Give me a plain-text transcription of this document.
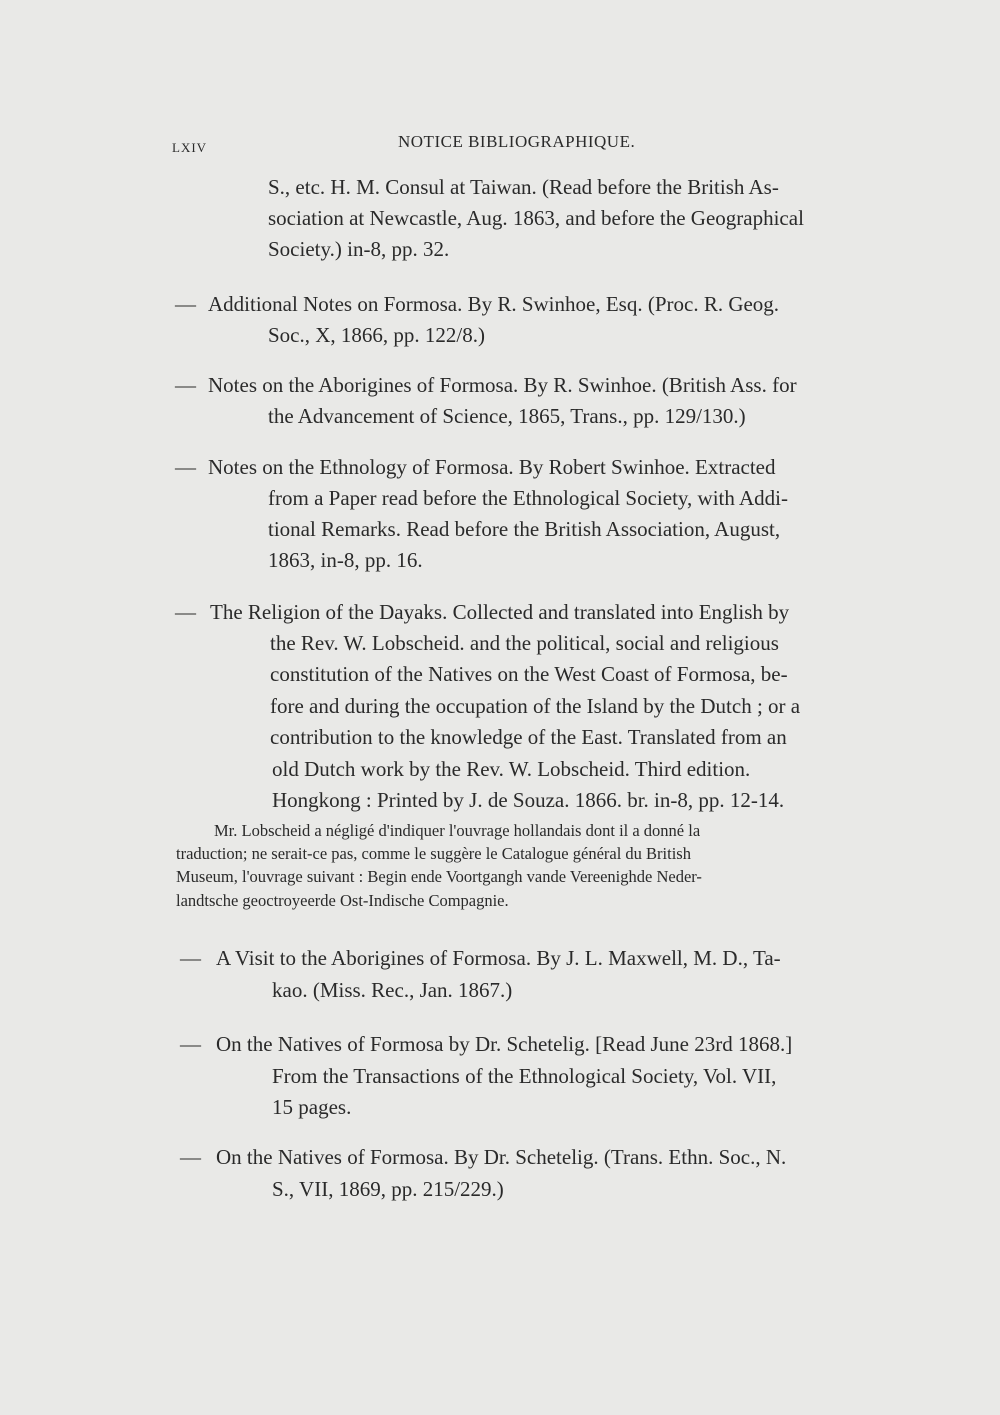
LXIV	NOTICE BIBLIOGRAPHIQUE.
S., etc. H. M. Consul at Taiwan. (Read before the British As-
sociation at Newcastle, Aug. 1863, and before the Geographical
Society.) in-8, pp. 32.
— Additional Notes on Formosa. By R. Swinhoe, Esq. (Proc. R. Geog.
Soc., X, 1866, pp. 122/8.)
— Notes on the Aborigines of Formosa. By R. Swinhoe. (British Ass. for
the Advancement of Science, 1865, Trans., pp. 129/130.)
— Notes on the Ethnology of Formosa. By Robert Swinhoe. Extracted
from a Paper read before the Ethnological Society, with Addi-
tional Remarks. Read before the British Association, August,
1863, in-8, pp. 16.
— The Religion of the Dayaks. Collected and translated into English by
the Rev. W. Lobscheid. and the political, social and religious
constitution of the Natives on the West Coast of Formosa, be-
fore and during the occupation of the Island by the Dutch ; or a
contribution to the knowledge of the East. Translated from an
old Dutch work by the Rev. W. Lobscheid. Third edition.
Hongkong : Printed by J. de Souza. 1866. br. in-8, pp. 12-14.
Mr. Lobscheid a négligé d'indiquer l'ouvrage hollandais dont il a donné la
traduction; ne serait-ce pas, comme le suggère le Catalogue général du British
Museum, l'ouvrage suivant : Begin ende Voortgangh vande Vereenighde Neder-
landtsche geoctroyeerde Ost-Indische Compagnie.
— A Visit to the Aborigines of Formosa. By J. L. Maxwell, M. D., Ta-
kao. (Miss. Rec., Jan. 1867.)
— On the Natives of Formosa by Dr. Schetelig. [Read June 23rd 1868.]
From the Transactions of the Ethnological Society, Vol. VII,
15 pages.
— On the Natives of Formosa. By Dr. Schetelig. (Trans. Ethn. Soc., N.
S., VII, 1869, pp. 215/229.)
